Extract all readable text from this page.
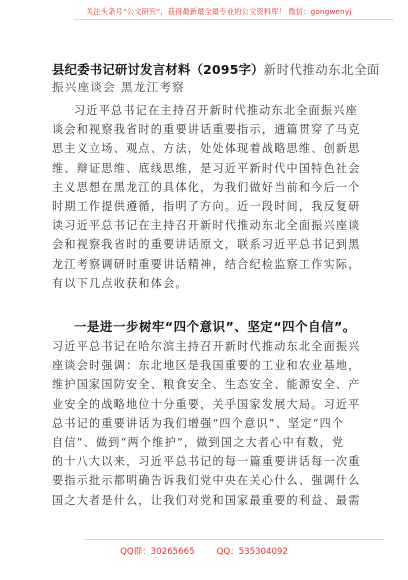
关注头条号“公文研究”，获得最新最全最专业的公文资料库！ 微信：gongwenyj
县纪委书记研讨发言材料（2095字）新时代推动东北全面
振兴座谈会 黑龙江考察
习近平总书记在主持召开新时代推动东北全面振兴座
谈会和视察我省时的重要讲话重要指示，通篇贯穿了马克
思主义立场、观点、方法，处处体现着战略思维、创新思
维、辩证思维、底线思维，是习近平新时代中国特色社会
主义思想在黑龙江的具体化，为我们做好当前和今后一个
时期工作提供遵循，指明了方向。近一段时间，我反复研
读习近平总书记在主持召开新时代推动东北全面振兴座谈
会和视察我省时的重要讲话原文，联系习近平总书记到黑
龙江考察调研时重要讲话精神，结合纪检监察工作实际，
有以下几点收获和体会。
一是进一步树牢“四个意识”、坚定“四个自信”。
习近平总书记在哈尔滨主持召开新时代推动东北全面振兴
座谈会时强调：东北地区是我国重要的工业和农业基地，
维护国家国防安全、粮食安全、生态安全、能源安全、产
业安全的战略地位十分重要，关乎国家发展大局。习近平
总书记的重要讲话为我们增强“四个意识”、坚定“四个
自信”、做到“两个维护”，做到国之大者心中有数，党
的十八大以来，习近平总书记的每一篇重要讲话每一次重
要指示批示都明确告诉我们党中央在关心什么、强调什么
国之大者是什么，让我们对党和国家最重要的利益、最需
QQ群：30265665	QQ：535304092
